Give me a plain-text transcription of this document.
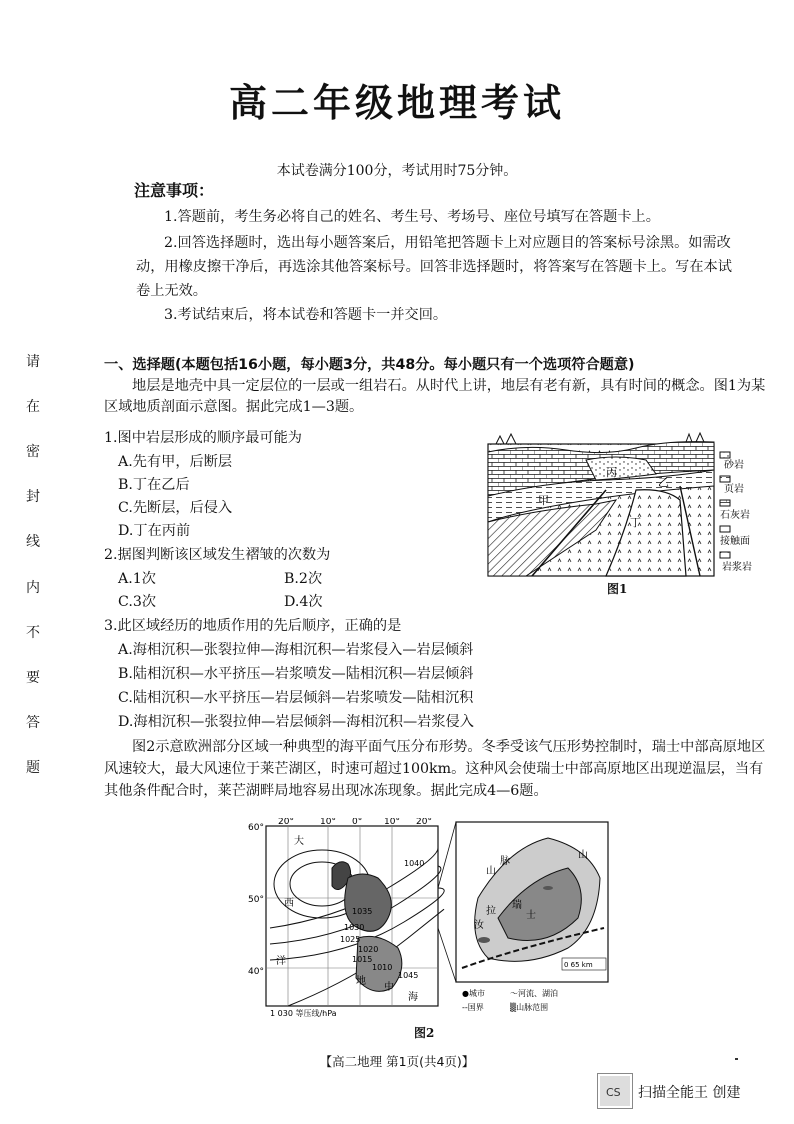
请
在
密
封
线
内
不
要
答
题
高二年级地理考试
本试卷满分100分，考试用时75分钟。
注意事项：
1.答题前，考生务必将自己的姓名、考生号、考场号、座位号填写在答题卡上。
2.回答选择题时，选出每小题答案后，用铅笔把答题卡上对应题目的答案标号涂黑。如需改动，用橡皮擦干净后，再选涂其他答案标号。回答非选择题时，将答案写在答题卡上。写在本试卷上无效。
3.考试结束后，将本试卷和答题卡一并交回。
一、选择题(本题包括16小题，每小题3分，共48分。每小题只有一个选项符合题意)
地层是地壳中具一定层位的一层或一组岩石。从时代上讲，地层有老有新，具有时间的概念。图1为某区域地质剖面示意图。据此完成1—3题。
1.图中岩层形成的顺序最可能为
A.先有甲，后断层
B.丁在乙后
C.先断层，后侵入
D.丁在丙前
2.据图判断该区域发生褶皱的次数为
A.1次	B.2次
C.3次	D.4次
3.此区域经历的地质作用的先后顺序，正确的是
A.海相沉积—张裂拉伸—海相沉积—岩浆侵入—岩层倾斜
B.陆相沉积—水平挤压—岩浆喷发—陆相沉积—岩层倾斜
C.陆相沉积—水平挤压—岩层倾斜—岩浆喷发—陆相沉积
D.海相沉积—张裂拉伸—岩层倾斜—海相沉积—岩浆侵入
图2示意欧洲部分区域一种典型的海平面气压分布形势。冬季受该气压形势控制时，瑞士中部高原地区风速较大，最大风速位于莱芒湖区，时速可超过100km。这种风会使瑞士中部高原地区出现逆温层，当有其他条件配合时，莱芒湖畔局地容易出现冰冻现象。据此完成4—6题。
甲
丙
乙
丁
砂岩
页岩
石灰岩
接触面
岩浆岩
图1
20°	10° 0° 10° 20°
60°
50°
40°
1035
1030
1025
1020
1015
1010
1045
1040
大
西
洋
地
中
海
1 030 等压线/hPa
山
脉
瑞
士
汝
拉
山
0 65 km
●城市	～河流、湖泊
--国界	▒山脉范围
图2
【高二地理 第1页(共4页)】
CS 扫描全能王 创建
